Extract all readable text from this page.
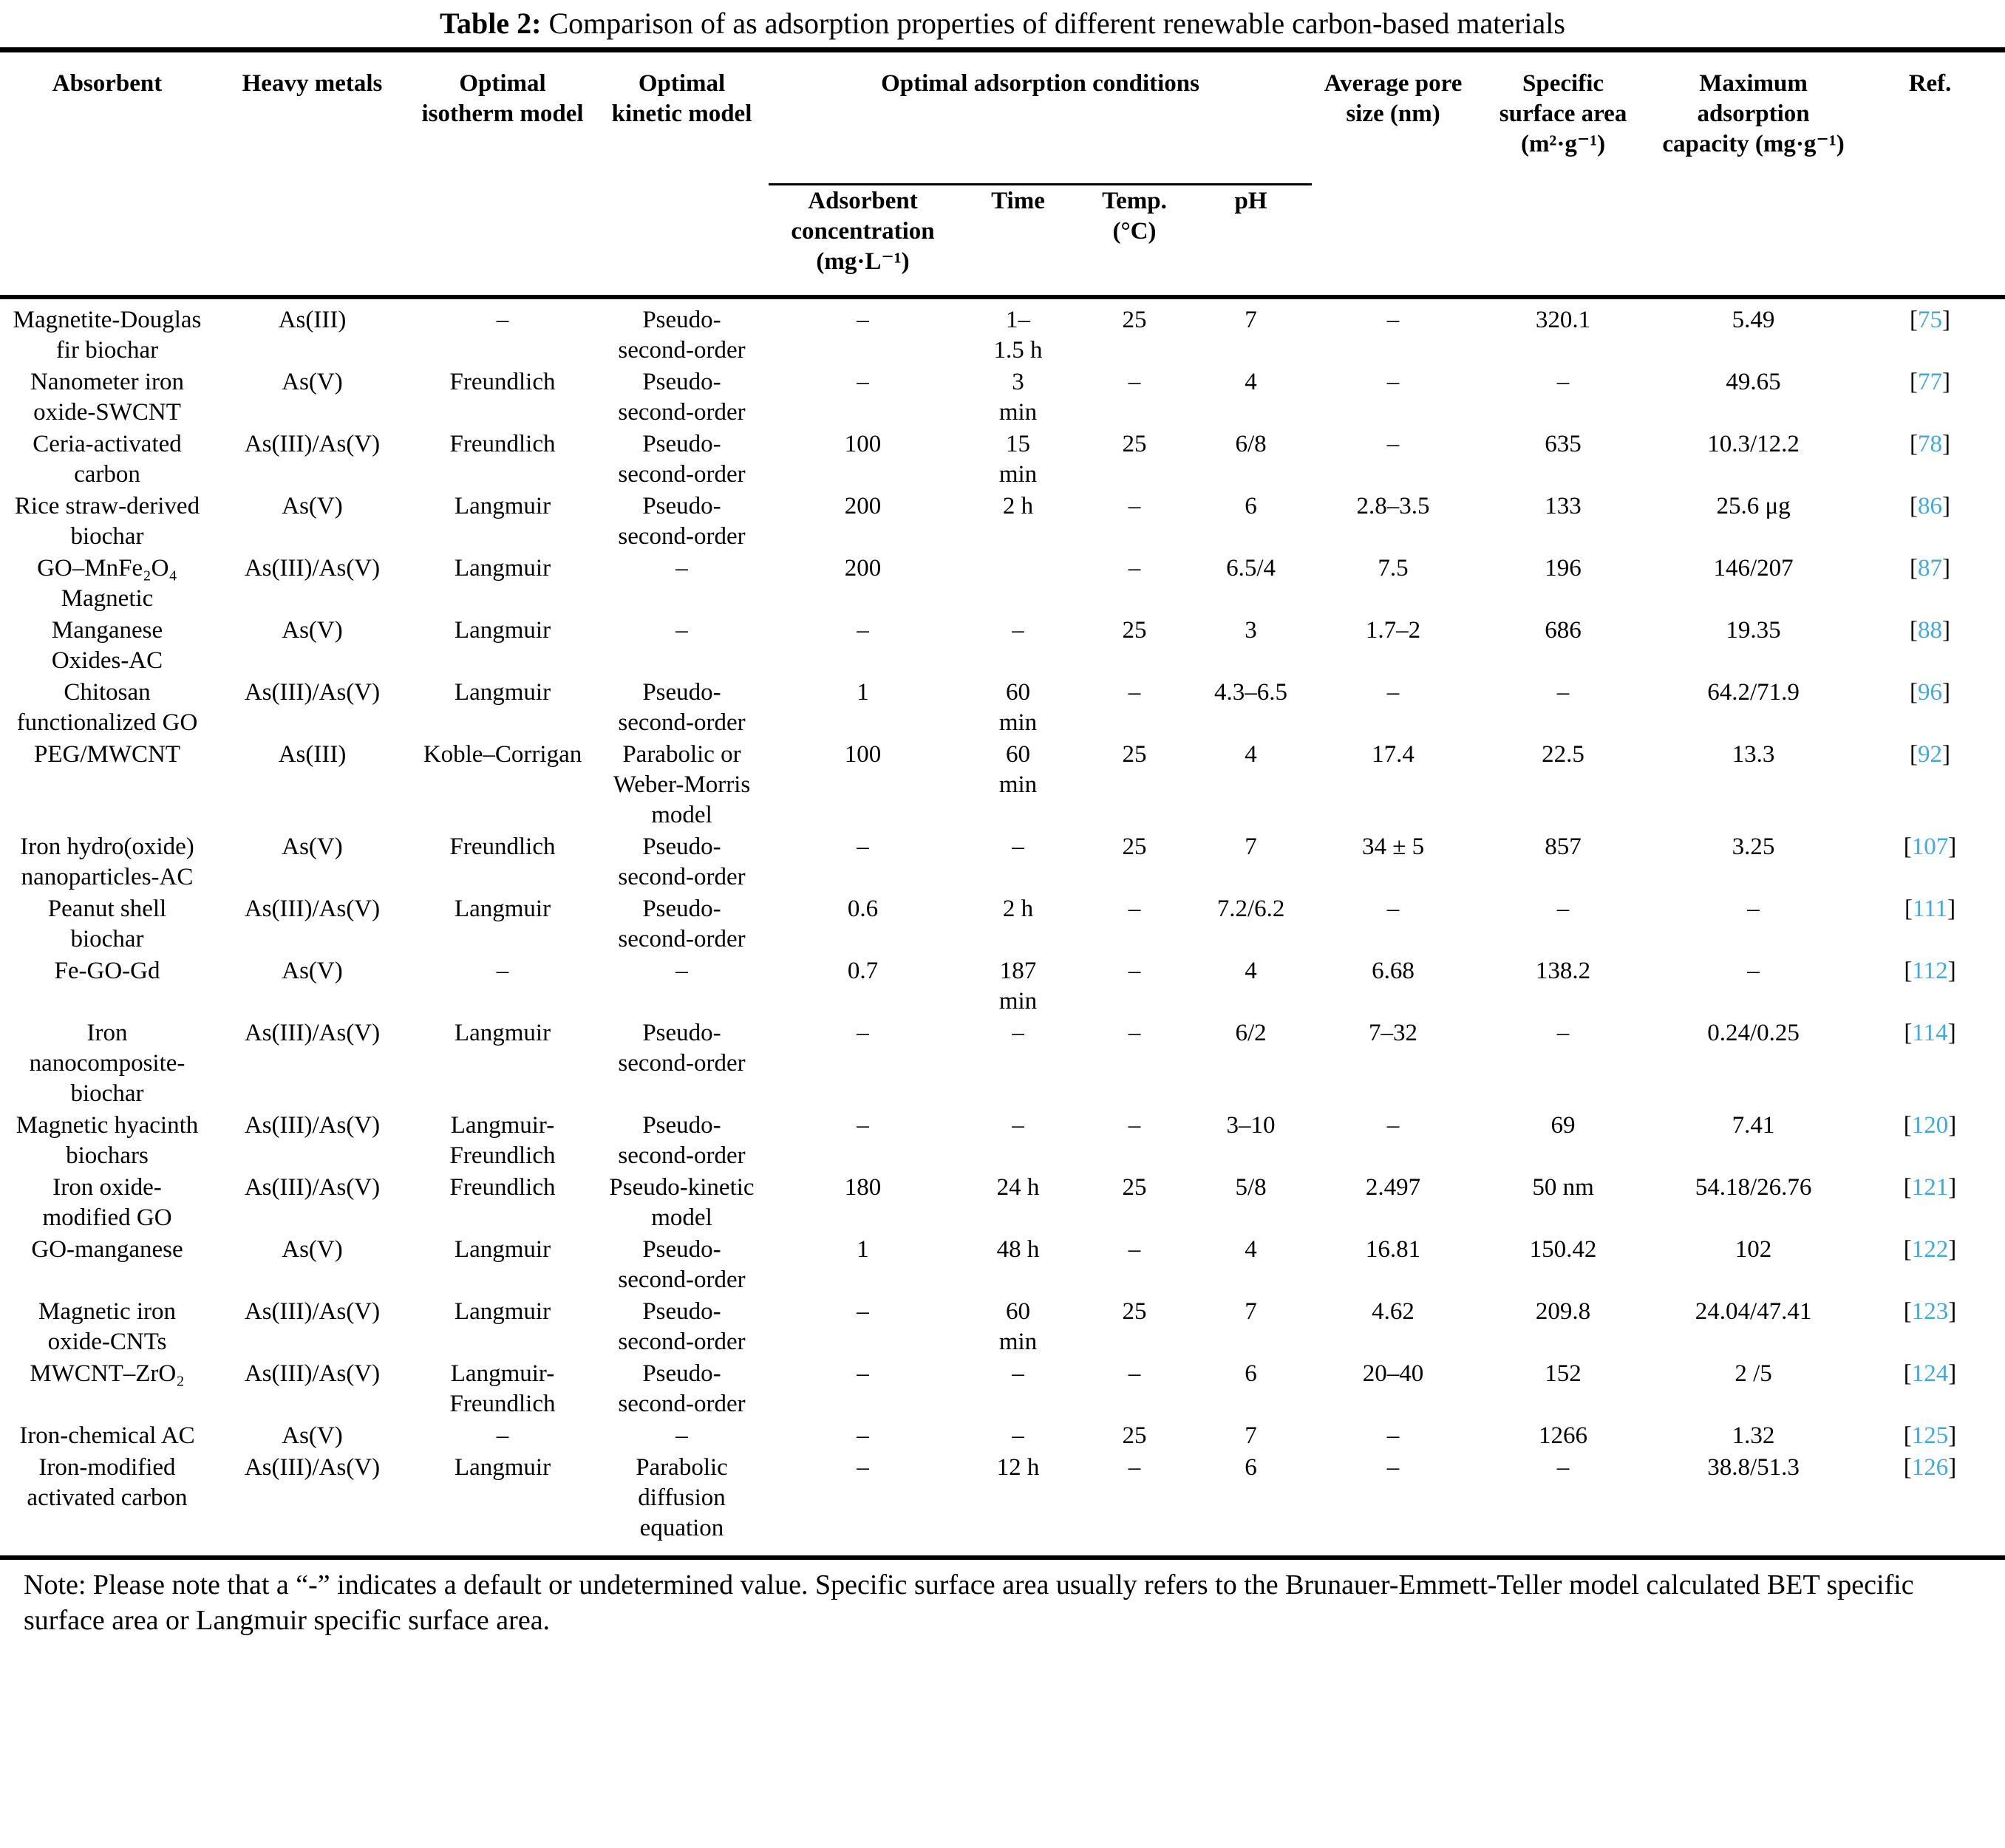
Table 2: Comparison of as adsorption properties of different renewable carbon-based materials
Absorbent	Heavy metals	Optimal isotherm model	Optimal kinetic model	Optimal adsorption conditions				Average pore size (nm)	Specific surface area (m²·g⁻¹)	Maximum adsorption capacity (mg·g⁻¹)	Ref.
				Adsorbent concentration (mg·L⁻¹)	Time	Temp. (°C)	pH				
Magnetite-Douglas fir biochar	As(III)	–	Pseudo-second-order	–	1–1.5 h	25	7	–	320.1	5.49	[75]
Nanometer iron oxide-SWCNT	As(V)	Freundlich	Pseudo-second-order	–	3 min	–	4	–	–	49.65	[77]
Ceria-activated carbon	As(III)/As(V)	Freundlich	Pseudo-second-order	100	15 min	25	6/8	–	635	10.3/12.2	[78]
Rice straw-derived biochar	As(V)	Langmuir	Pseudo-second-order	200	2 h	–	6	2.8–3.5	133	25.6 μg	[86]
GO–MnFe₂O₄ Magnetic	As(III)/As(V)	Langmuir	–	200		–	6.5/4	7.5	196	146/207	[87]
Manganese Oxides-AC	As(V)	Langmuir	–	–	–	25	3	1.7–2	686	19.35	[88]
Chitosan functionalized GO	As(III)/As(V)	Langmuir	Pseudo-second-order	1	60 min	–	4.3–6.5	–	–	64.2/71.9	[96]
PEG/MWCNT	As(III)	Koble–Corrigan	Parabolic or Weber-Morris model	100	60 min	25	4	17.4	22.5	13.3	[92]
Iron hydro(oxide) nanoparticles-AC	As(V)	Freundlich	Pseudo-second-order	–	–	25	7	34 ± 5	857	3.25	[107]
Peanut shell biochar	As(III)/As(V)	Langmuir	Pseudo-second-order	0.6	2 h	–	7.2/6.2	–	–	–	[111]
Fe-GO-Gd	As(V)	–	–	0.7	187 min	–	4	6.68	138.2	–	[112]
Iron nanocomposite-biochar	As(III)/As(V)	Langmuir	Pseudo-second-order	–	–	–	6/2	7–32	–	0.24/0.25	[114]
Magnetic hyacinth biochars	As(III)/As(V)	Langmuir-Freundlich	Pseudo-second-order	–	–	–	3–10	–	69	7.41	[120]
Iron oxide-modified GO	As(III)/As(V)	Freundlich	Pseudo-kinetic model	180	24 h	25	5/8	2.497	50 nm	54.18/26.76	[121]
GO-manganese	As(V)	Langmuir	Pseudo-second-order	1	48 h	–	4	16.81	150.42	102	[122]
Magnetic iron oxide-CNTs	As(III)/As(V)	Langmuir	Pseudo-second-order	–	60 min	25	7	4.62	209.8	24.04/47.41	[123]
MWCNT–ZrO₂	As(III)/As(V)	Langmuir-Freundlich	Pseudo-second-order	–	–	–	6	20–40	152	2 /5	[124]
Iron-chemical AC	As(V)	–	–	–	–	25	7	–	1266	1.32	[125]
Iron-modified activated carbon	As(III)/As(V)	Langmuir	Parabolic diffusion equation	–	12 h	–	6	–	–	38.8/51.3	[126]
Note: Please note that a “-” indicates a default or undetermined value. Specific surface area usually refers to the Brunauer-Emmett-Teller model calculated BET specific surface area or Langmuir specific surface area.
